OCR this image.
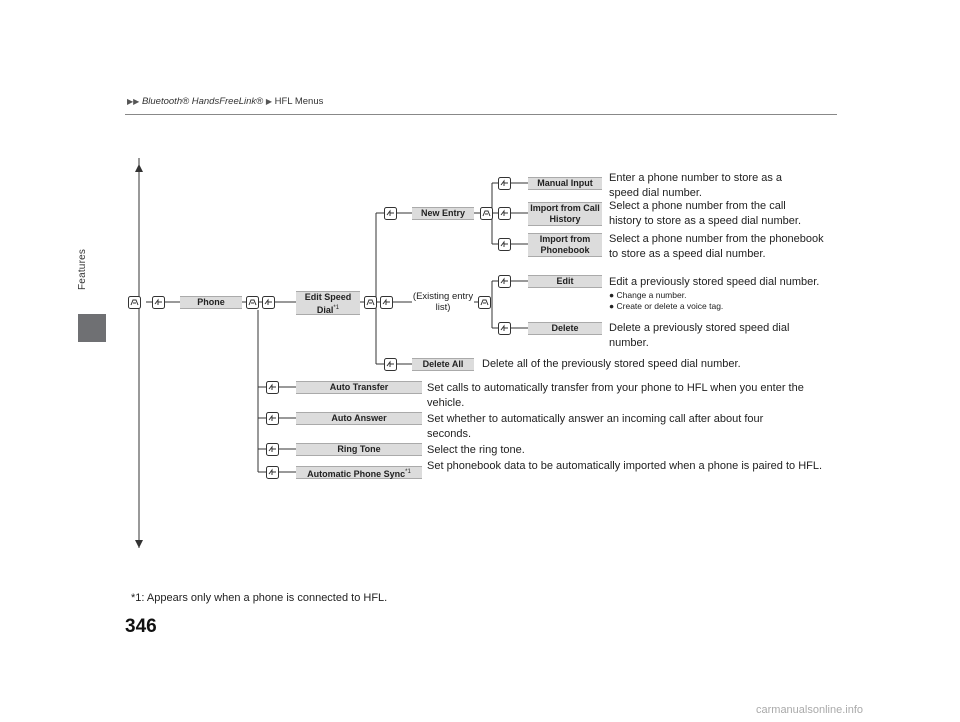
Features
▶▶ Bluetooth® HandsFreeLink® ▶ HFL Menus
Phone	Edit Speed Dial$^{*1}$
New Entry
(Existing entry list)
Manual Input
Import from Call History
Import from Phonebook
Edit
Delete
Delete All
Auto Transfer
Auto Answer
Ring Tone
Automatic Phone Sync$^{*1}$
Enter a phone number to store as a speed dial number.
Select a phone number from the call history to store as a speed dial number.
Select a phone number from the phonebook to store as a speed dial number.
Edit a previously stored speed dial number.
● Change a number.
● Create or delete a voice tag.
Delete a previously stored speed dial number.
Delete all of the previously stored speed dial number.
Set calls to automatically transfer from your phone to HFL when you enter the vehicle.
Set whether to automatically answer an incoming call after about four seconds.
Select the ring tone.
Set phonebook data to be automatically imported when a phone is paired to HFL.
*1: Appears only when a phone is connected to HFL.
346
carmanualsonline.info
